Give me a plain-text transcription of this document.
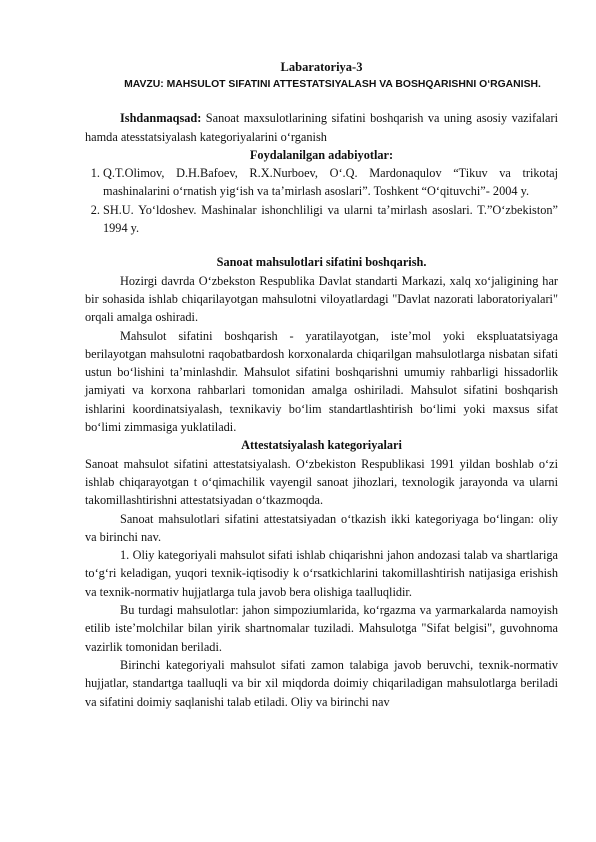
Labaratoriya-3
MAVZU: MAHSULOT SIFATINI ATTESTATSIYALASH VA BOSHQARISHNI O‘RGANISH.

Ishdanmaqsad: Sanoat maxsulotlarining sifatini boshqarish va uning asosiy vazifalari hamda atesstatsiyalash kategoriyalarini o‘rganish

Foydalanilgan adabiyotlar:
1. Q.T.Olimov, D.H.Bafoev, R.X.Nurboev, O‘.Q. Mardonaqulov “Tikuv va trikotaj mashinalarini o‘rnatish yig‘ish va ta’mirlash asoslari”. Toshkent “O‘qituvchi”- 2004 y.
2. SH.U. Yo‘ldoshev. Mashinalar ishonchliligi va ularni ta’mirlash asoslari. T.”O‘zbekiston” 1994 y.
Sanoat mahsulotlari sifatini boshqarish.

Hozirgi davrda O‘zbekston Respublika Davlat standarti Markazi, xalq xo‘jaligining har bir sohasida ishlab chiqarilayotgan mahsulotni viloyatlardagi "Davlat nazorati laboratoriyalari" orqali amalga oshiradi.

Mahsulot sifatini boshqarish - yaratilayotgan, iste’mol yoki ekspluatatsiyaga berilayotgan mahsulotni raqobatbardosh korxonalarda chiqarilgan mahsulotlarga nisbatan sifati ustun bo‘lishini ta’minlashdir. Mahsulot sifatini boshqarishni umumiy rahbarligi hissadorlik jamiyati va korxona rahbarlari tomonidan amalga oshiriladi. Mahsulot sifatini boshqarish ishlarini koordinatsiyalash, texnikaviy bo‘lim standartlashtirish bo‘limi yoki maxsus sifat bo‘limi zimmasiga yuklatiladi.

Attestatsiyalash kategoriyalari

Sanoat mahsulot sifatini attestatsiyalash. O‘zbekiston Respublikasi 1991 yildan boshlab o‘zi ishlab chiqarayotgan t o‘qimachilik vayengil sanoat jihozlari, texnologik jarayonda va ularni takomillashtirishni attestatsiyadan o‘tkazmoqda.

Sanoat mahsulotlari sifatini attestatsiyadan o‘tkazish ikki kategoriyaga bo‘lingan: oliy va birinchi nav.

1. Oliy kategoriyali mahsulot sifati ishlab chiqarishni jahon andozasi talab va shartlariga to‘g‘ri keladigan, yuqori texnik-iqtisodiy k o‘rsatkichlarini takomillashtirish natijasiga erishish va texnik-normativ hujjatlarga tula javob bera olishiga taalluqlidir.

Bu turdagi mahsulotlar: jahon simpoziumlarida, ko‘rgazma va yarmarkalarda namoyish etilib iste’molchilar bilan yirik shartnomalar tuziladi. Mahsulotga "Sifat belgisi", guvohnoma vazirlik tomonidan beriladi.

Birinchi kategoriyali mahsulot sifati zamon talabiga javob beruvchi, texnik-normativ hujjatlar, standartga taalluqli va bir xil miqdorda doimiy chiqariladigan mahsulotlarga beriladi va sifatini doimiy saqlanishi talab etiladi. Oliy va birinchi nav
